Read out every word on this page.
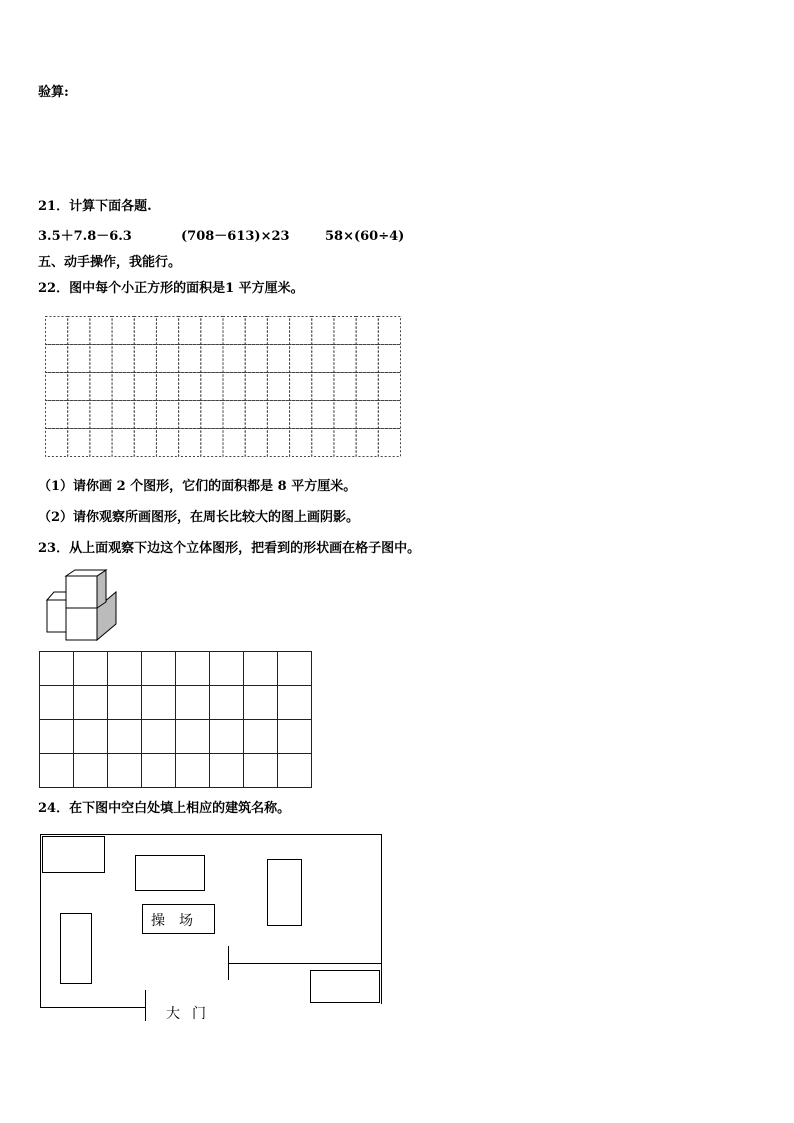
验算:
21．计算下面各题.
3.5＋7.8－6.3	(708－613)×23	58×(60÷4)
五、动手操作，我能行。
22．图中每个小正方形的面积是1 平方厘米。
（1）请你画 2 个图形，它们的面积都是 8 平方厘米。
（2）请你观察所画图形，在周长比较大的图上画阴影。
23．从上面观察下边这个立体图形，把看到的形状画在格子图中。
24．在下图中空白处填上相应的建筑名称。
操场
大门
